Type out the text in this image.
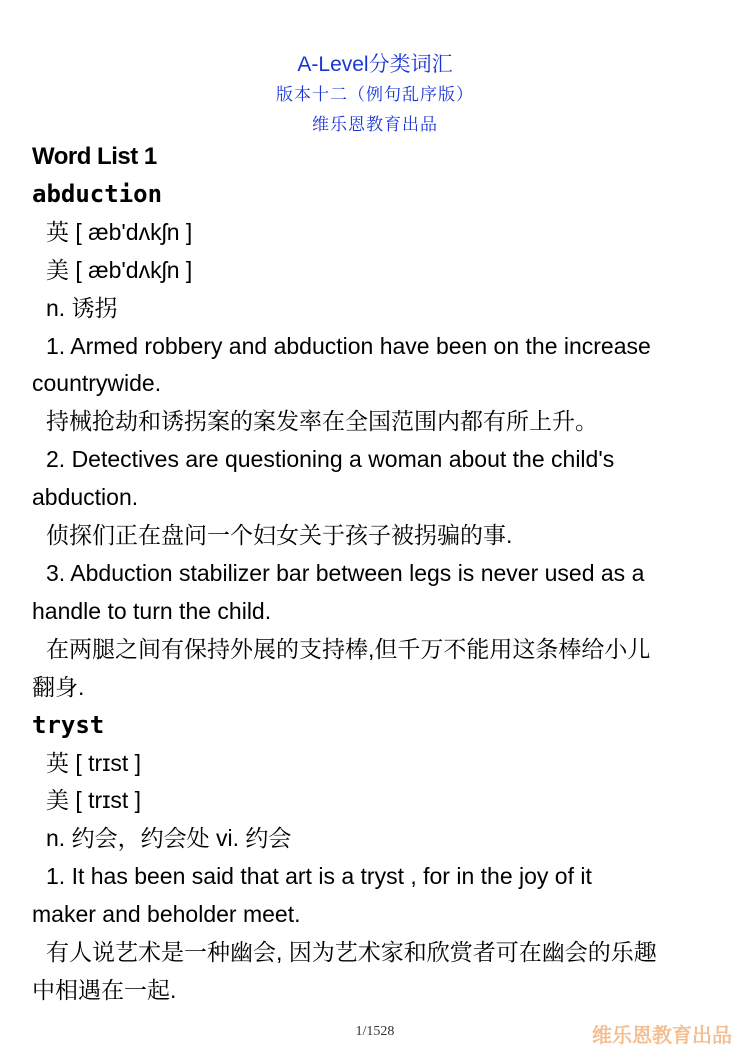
A-Level分类词汇
版本十二（例句乱序版）
维乐恩教育出品
Word List 1
abduction
英 [ æb'dʌkʃn ]
美 [ æb'dʌkʃn ]
n. 诱拐
1. Armed robbery and abduction have been on the increase
countrywide.
持械抢劫和诱拐案的案发率在全国范围内都有所上升。
2. Detectives are questioning a woman about the child's
abduction.
侦探们正在盘问一个妇女关于孩子被拐骗的事.
3. Abduction stabilizer bar between legs is never used as a
handle to turn the child.
在两腿之间有保持外展的支持棒,但千万不能用这条棒给小儿
翻身.
tryst
英 [ trɪst ]
美 [ trɪst ]
n. 约会，约会处 vi. 约会
1. It has been said that art is a tryst , for in the joy of it
maker and beholder meet.
有人说艺术是一种幽会, 因为艺术家和欣赏者可在幽会的乐趣
中相遇在一起.
1/1528	维乐恩教育出品
